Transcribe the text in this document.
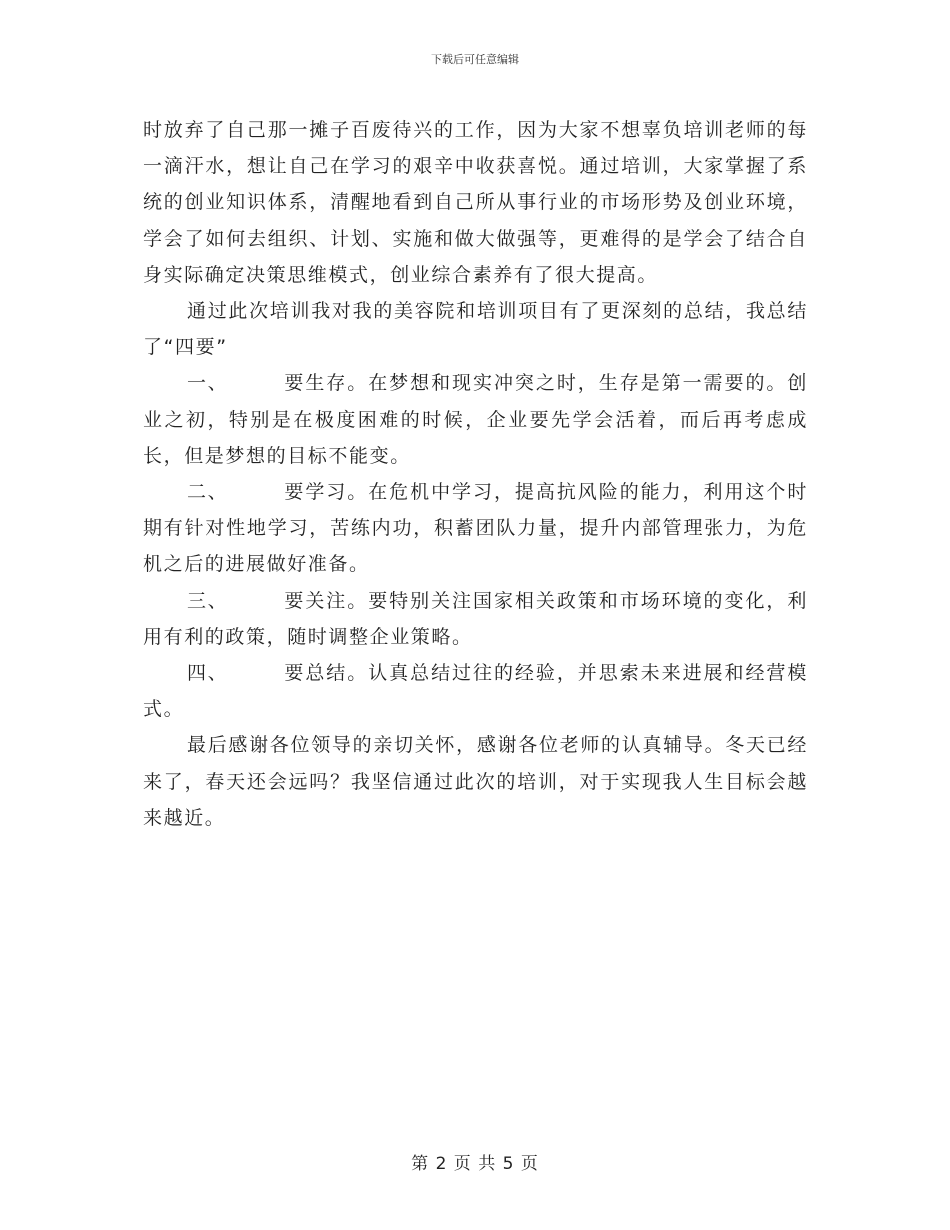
下载后可任意编辑

时放弃了自己那一摊子百废待兴的工作，因为大家不想辜负培训老师的每一滴汗水，想让自己在学习的艰辛中收获喜悦。通过培训，大家掌握了系统的创业知识体系，清醒地看到自己所从事行业的市场形势及创业环境，学会了如何去组织、计划、实施和做大做强等，更难得的是学会了结合自身实际确定决策思维模式，创业综合素养有了很大提高。

通过此次培训我对我的美容院和培训项目有了更深刻的总结，我总结了“四要”

一、	要生存。在梦想和现实冲突之时，生存是第一需要的。创业之初，特别是在极度困难的时候，企业要先学会活着，而后再考虑成长，但是梦想的目标不能变。

二、	要学习。在危机中学习，提高抗风险的能力，利用这个时期有针对性地学习，苦练内功，积蓄团队力量，提升内部管理张力，为危机之后的进展做好准备。

三、	要关注。要特别关注国家相关政策和市场环境的变化，利用有利的政策，随时调整企业策略。

四、	要总结。认真总结过往的经验，并思索未来进展和经营模式。

最后感谢各位领导的亲切关怀，感谢各位老师的认真辅导。冬天已经来了，春天还会远吗？我坚信通过此次的培训，对于实现我人生目标会越来越近。

第 2 页 共 5 页
